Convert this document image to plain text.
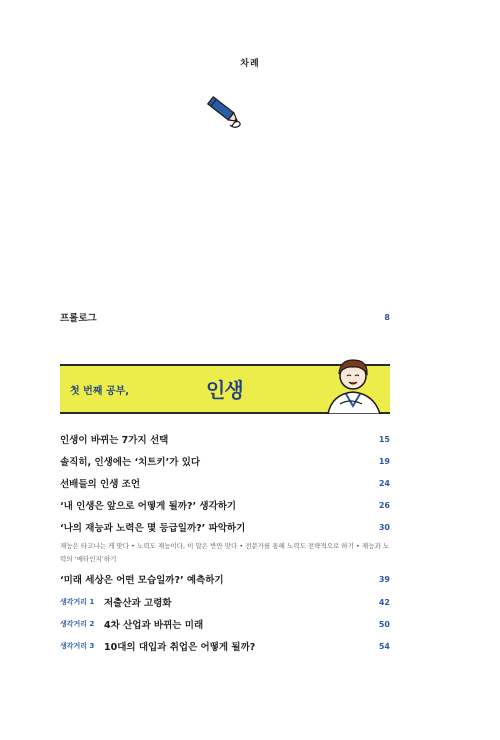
차례
프롤로그	8
첫 번째 공부,	인생
인생이 바뀌는 7가지 선택	15
솔직히, 인생에는 ‘치트키’가 있다	19
선배들의 인생 조언	24
‘내 인생은 앞으로 어떻게 될까?’ 생각하기	26
‘나의 재능과 노력은 몇 등급일까?’ 파악하기	30
재능은 타고나는 게 맞다 • 노력도 재능이다, 이 말은 반만 맞다 • 전문가를 통해 노력도 전략적으로 하기 • 재능과 노력의 ‘메타인지’하기
‘미래 세상은 어떤 모습일까?’ 예측하기	39
생각거리 1	저출산과 고령화	42
생각거리 2	4차 산업과 바뀌는 미래	50
생각거리 3	10대의 대입과 취업은 어떻게 될까?	54
